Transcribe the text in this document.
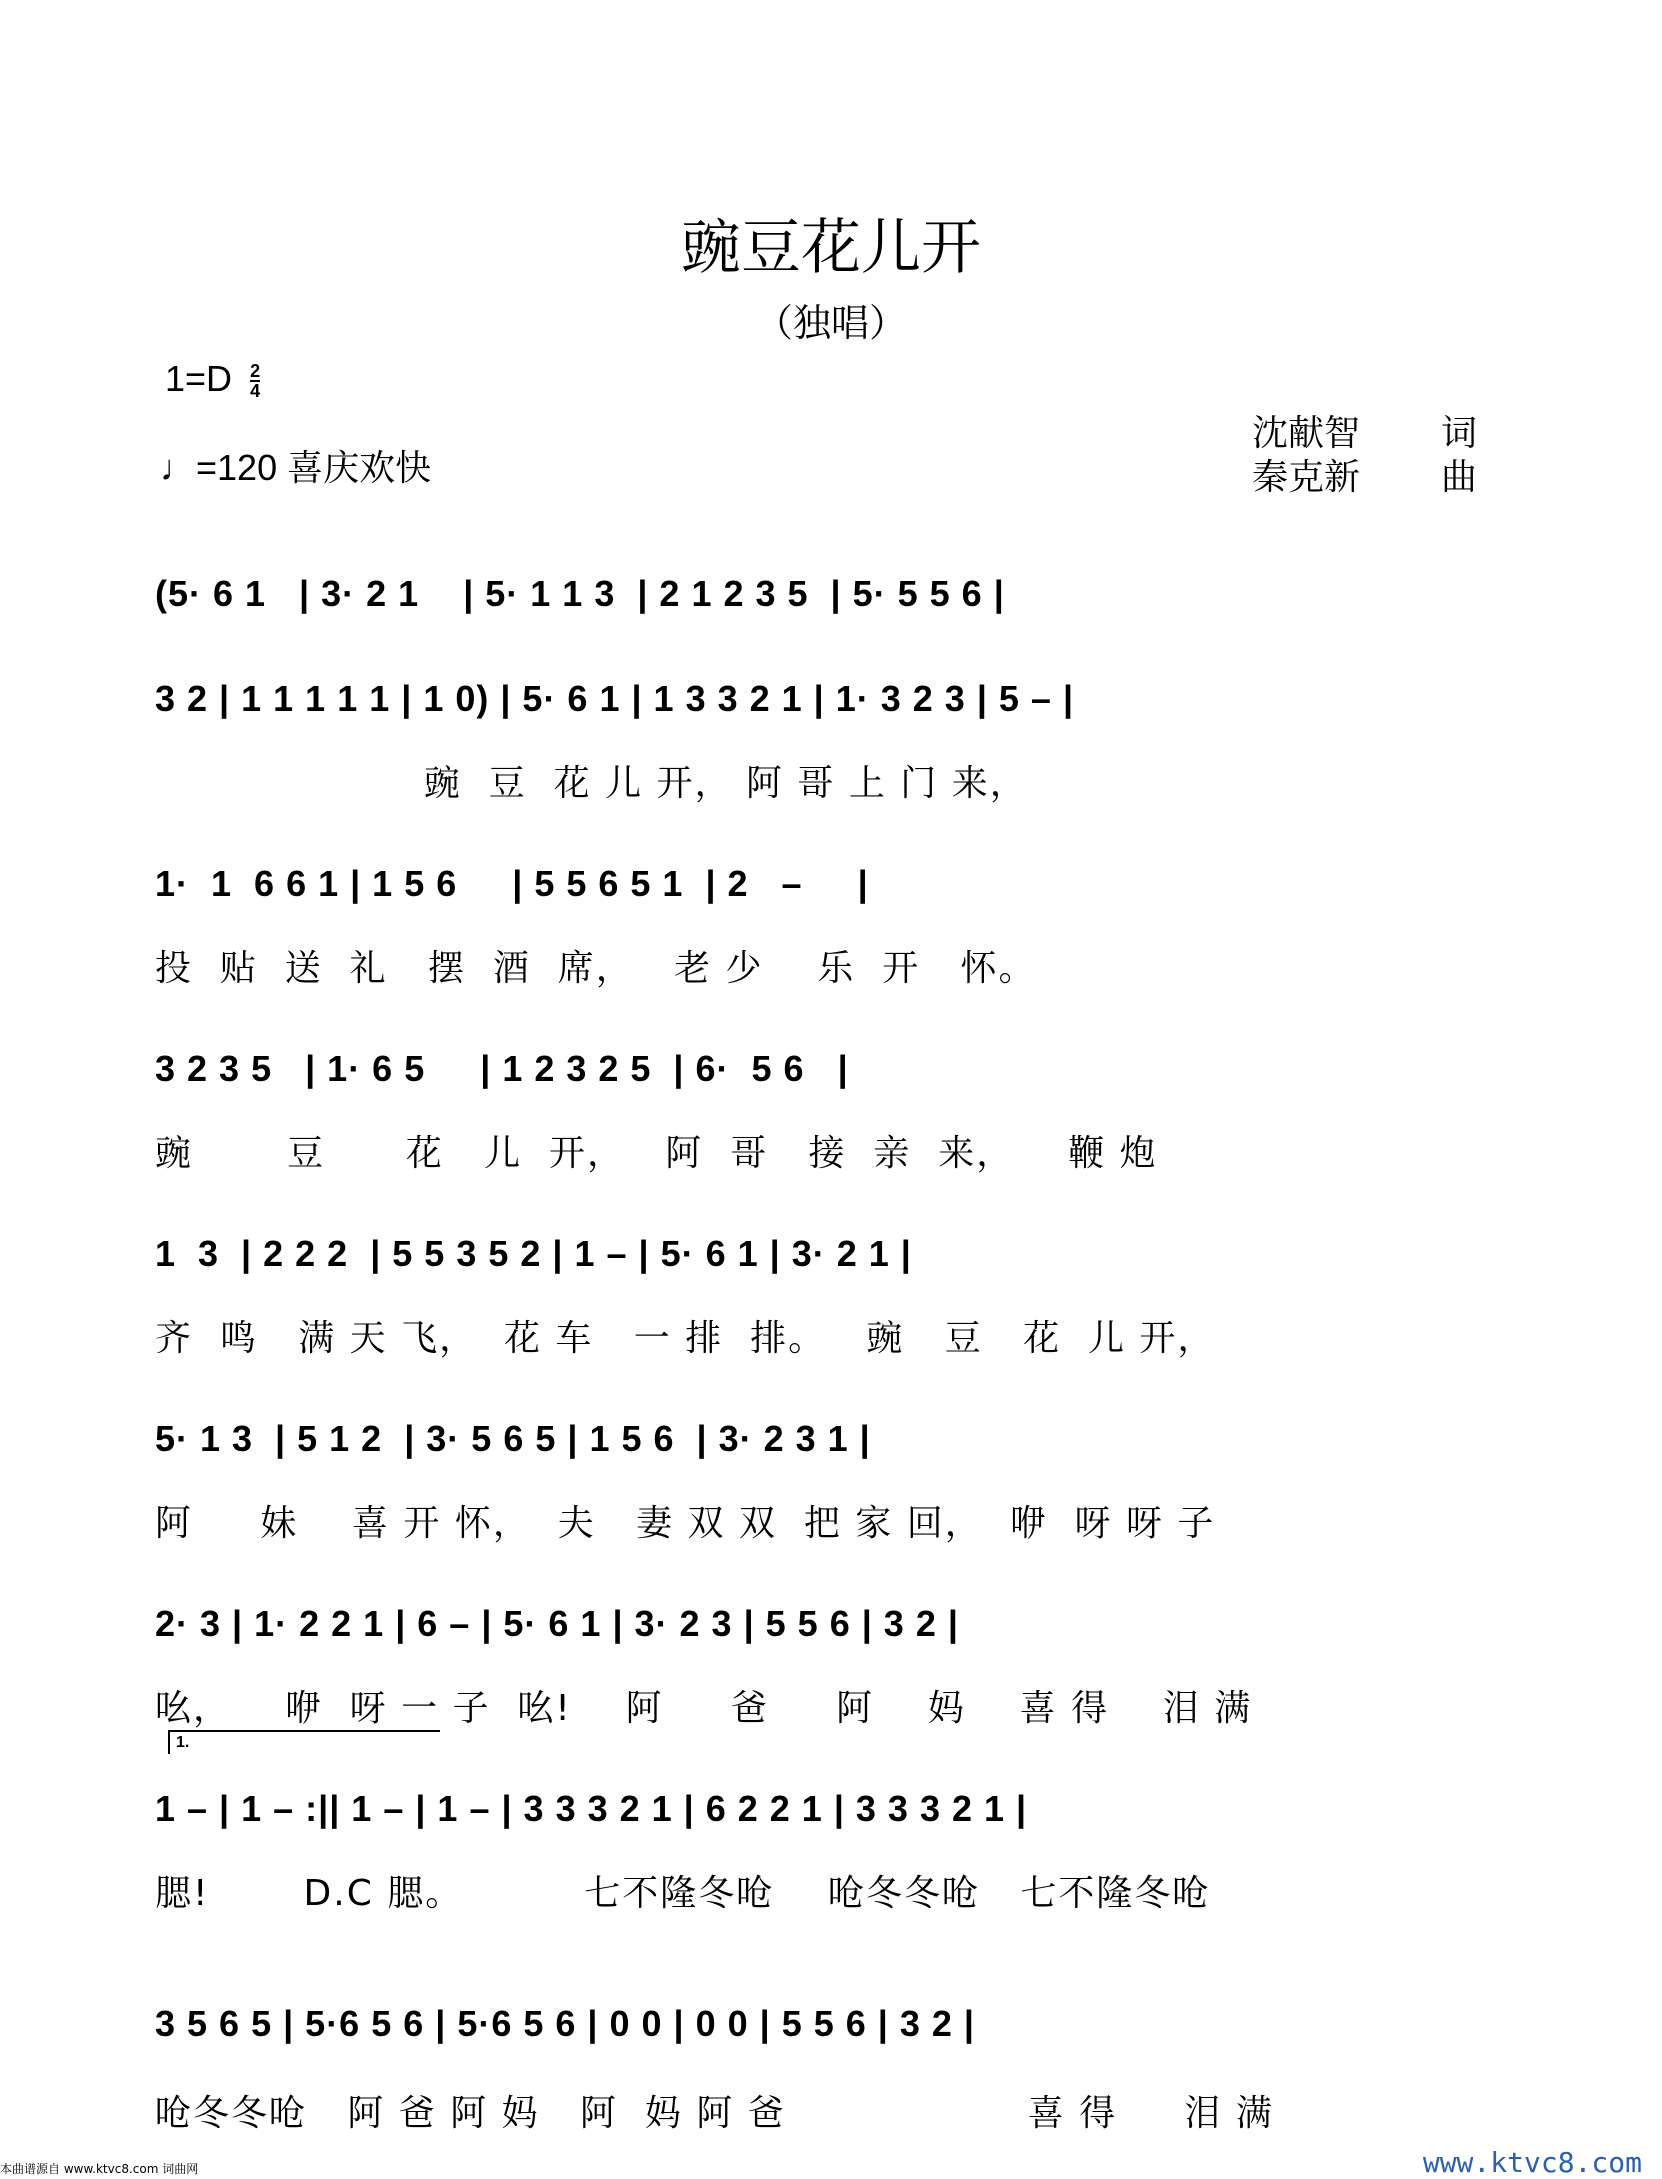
豌豆花儿开
（独唱）
$1=D \frac{2}{4}$
♩=120 喜庆欢快
沈献智 词
秦克新 曲
(5· 6 1   | 3· 2 1    | 5· 1 1 3  | 2 1 2 3 5  | 5· 5 5 6 |
3 2 | 1 1 1 1 1 | 1 0) | 5· 6 1 | 1 3 3 2 1 | 1· 3 2 3 | 5 – |
豌  豆  花 儿 开， 阿 哥 上 门 来，
1·  1  6 6 1 | 1 5 6     | 5 5 6 5 1  | 2   –     |
投  贴  送  礼   摆  酒  席，   老 少    乐  开   怀。
3 2 3 5   | 1· 6 5     | 1 2 3 2 5  | 6·  5 6   |
豌       豆      花   儿  开，   阿  哥   接  亲  来，    鞭 炮
1  3  | 2 2 2  | 5 5 3 5 2 | 1 – | 5· 6 1 | 3· 2 1 |
齐  鸣   满 天 飞，  花 车   一 排  排。   豌   豆   花  儿 开，
5· 1 3  | 5 1 2  | 3· 5 6 5 | 1 5 6  | 3· 2 3 1 |
阿     妹    喜 开 怀，  夫   妻 双 双  把 家 回，  咿  呀 呀 子
2· 3 | 1· 2 2 1 | 6 – | 5· 6 1 | 3· 2 3 | 5 5 6 | 3 2 |
吆，    咿  呀 一 子  吆!    阿     爸     阿    妈    喜 得    泪 满
1.
1 – | 1 – :|| 1 – | 1 – | 3 3 3 2 1 | 6 2 2 1 | 3 3 3 2 1 |
腮!       D.C 腮。         七不隆冬呛    呛冬冬呛   七不隆冬呛
3 5 6 5 | 5·6 5 6 | 5·6 5 6 | 0 0 | 0 0 | 5 5 6 | 3 2 |
呛冬冬呛   阿 爸 阿 妈   阿  妈 阿 爸                  喜 得     泪 满
本曲谱源自 www.ktvc8.com 词曲网	www.ktvc8.com
